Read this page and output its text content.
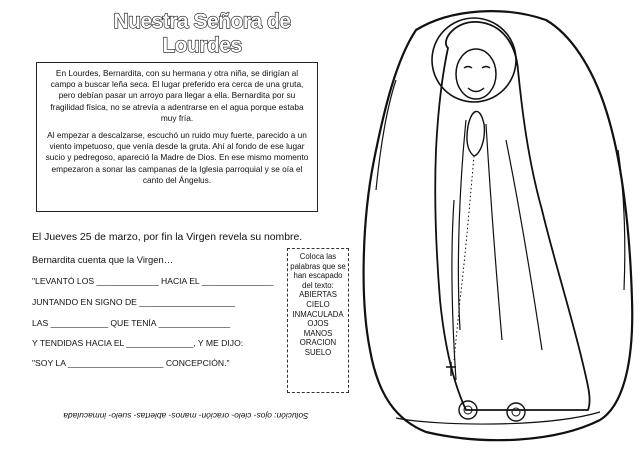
Nuestra Señora de Lourdes

En Lourdes, Bernardita, con su hermana y otra niña, se dirigían al campo a buscar leña seca. El lugar preferido era cerca de una gruta, pero debían pasar un arroyo para llegar a ella. Bernardita por su fragilidad física, no se atrevía a adentrarse en el agua porque estaba muy fría.

Al empezar a descalzarse, escuchó un ruido muy fuerte, parecido a un viento impetuoso, que venía desde la gruta. Ahí al fondo de ese lugar sucio y pedregoso, apareció la Madre de Dios. En ese mismo momento empezaron a sonar las campanas de la Iglesia parroquial y se oía el canto del Ángelus.

El Jueves 25 de marzo, por fin la Virgen revela su nombre.
Bernardita cuenta que la Virgen…
"LEVANTÓ LOS _____________ HACIA EL _______________
JUNTANDO EN SIGNO DE ____________________
LAS ____________ QUE TENÍA _______________
Y TENDIDAS HACIA EL ______________, Y ME DIJO:
"SOY LA ____________________ CONCEPCIÓN."
Coloca las palabras que se han escapado del texto:
ABIERTAS
CIELO
INMACULADA
OJOS
MANOS
ORACION
SUELO
Solución: ojos- cielo- oración- manos- abiertas- suelo- inmaculada
